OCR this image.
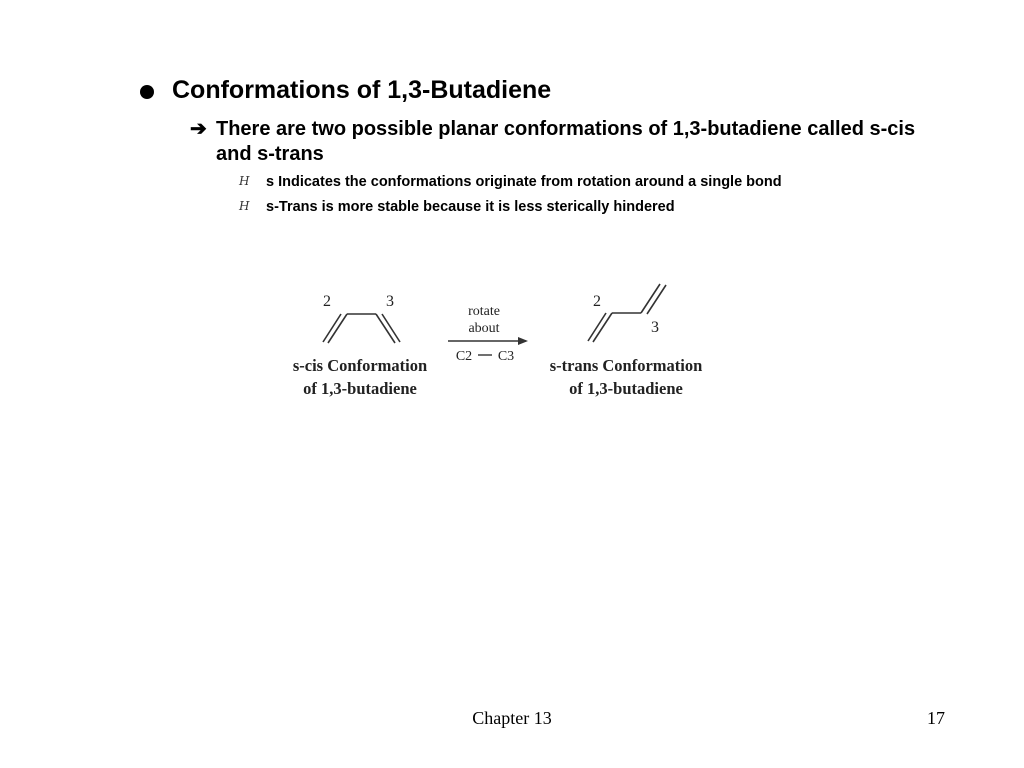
Conformations of 1,3-Butadiene
➔ There are two possible planar conformations of 1,3-butadiene called s-cis and s-trans
H s Indicates the conformations originate from rotation around a single bond
H s-Trans is more stable because it is less sterically hindered
2	3
rotate
about
C2 C3
2
3
s-cis Conformation
of 1,3-butadiene
s-trans Conformation
of 1,3-butadiene
Chapter 13	17
